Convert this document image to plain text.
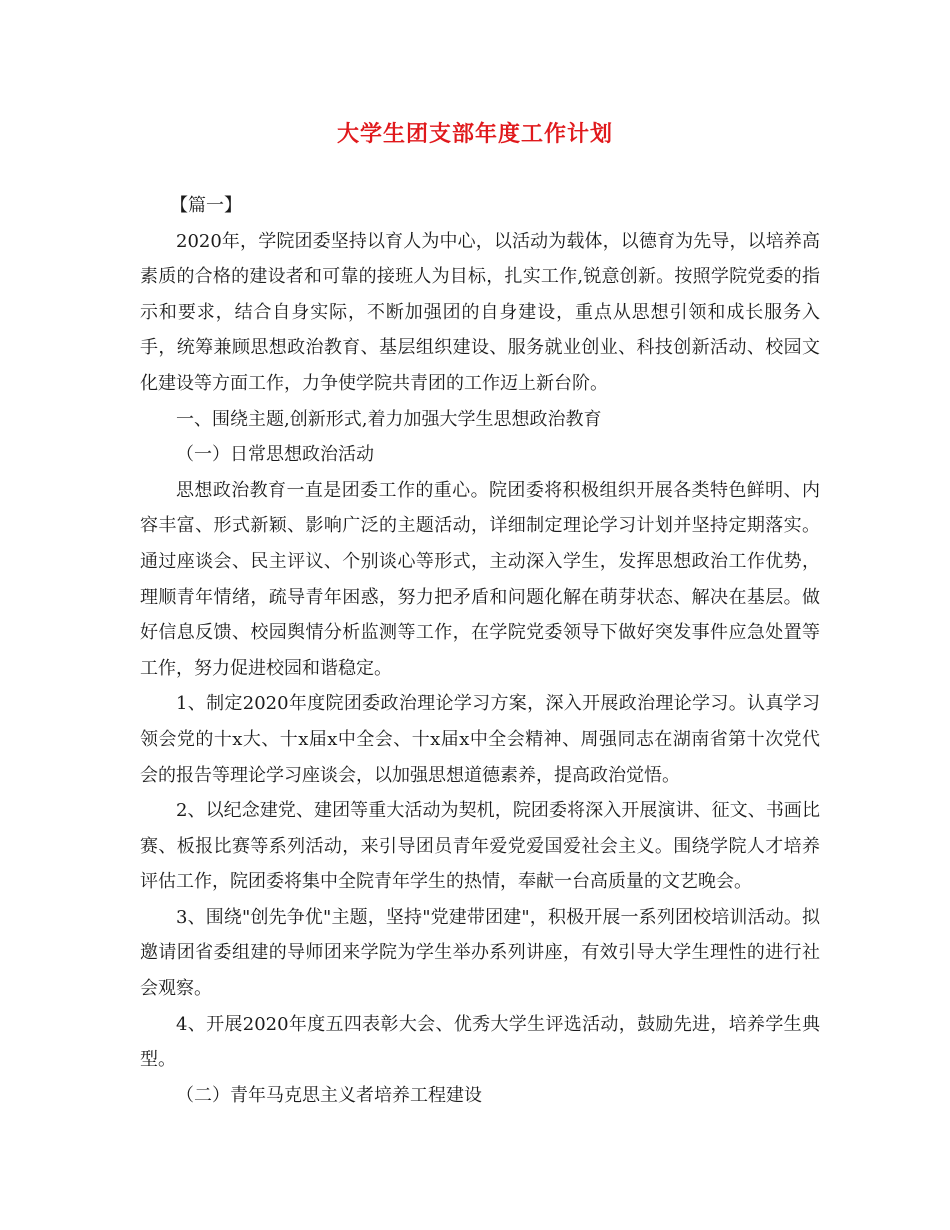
大学生团支部年度工作计划

【篇一】

2020年，学院团委坚持以育人为中心，以活动为载体，以德育为先导，以培养高素质的合格的建设者和可靠的接班人为目标，扎实工作,锐意创新。按照学院党委的指示和要求，结合自身实际，不断加强团的自身建设，重点从思想引领和成长服务入手，统筹兼顾思想政治教育、基层组织建设、服务就业创业、科技创新活动、校园文化建设等方面工作，力争使学院共青团的工作迈上新台阶。

一、围绕主题,创新形式,着力加强大学生思想政治教育

（一）日常思想政治活动

思想政治教育一直是团委工作的重心。院团委将积极组织开展各类特色鲜明、内容丰富、形式新颖、影响广泛的主题活动，详细制定理论学习计划并坚持定期落实。通过座谈会、民主评议、个别谈心等形式，主动深入学生，发挥思想政治工作优势，理顺青年情绪，疏导青年困惑，努力把矛盾和问题化解在萌芽状态、解决在基层。做好信息反馈、校园舆情分析监测等工作，在学院党委领导下做好突发事件应急处置等工作，努力促进校园和谐稳定。

1、制定2020年度院团委政治理论学习方案，深入开展政治理论学习。认真学习领会党的十x大、十x届x中全会、十x届x中全会精神、周强同志在湖南省第十次党代会的报告等理论学习座谈会，以加强思想道德素养，提高政治觉悟。

2、以纪念建党、建团等重大活动为契机，院团委将深入开展演讲、征文、书画比赛、板报比赛等系列活动，来引导团员青年爱党爱国爱社会主义。围绕学院人才培养评估工作，院团委将集中全院青年学生的热情，奉献一台高质量的文艺晚会。

3、围绕"创先争优"主题，坚持"党建带团建"，积极开展一系列团校培训活动。拟邀请团省委组建的导师团来学院为学生举办系列讲座，有效引导大学生理性的进行社会观察。

4、开展2020年度五四表彰大会、优秀大学生评选活动，鼓励先进，培养学生典型。

（二）青年马克思主义者培养工程建设
